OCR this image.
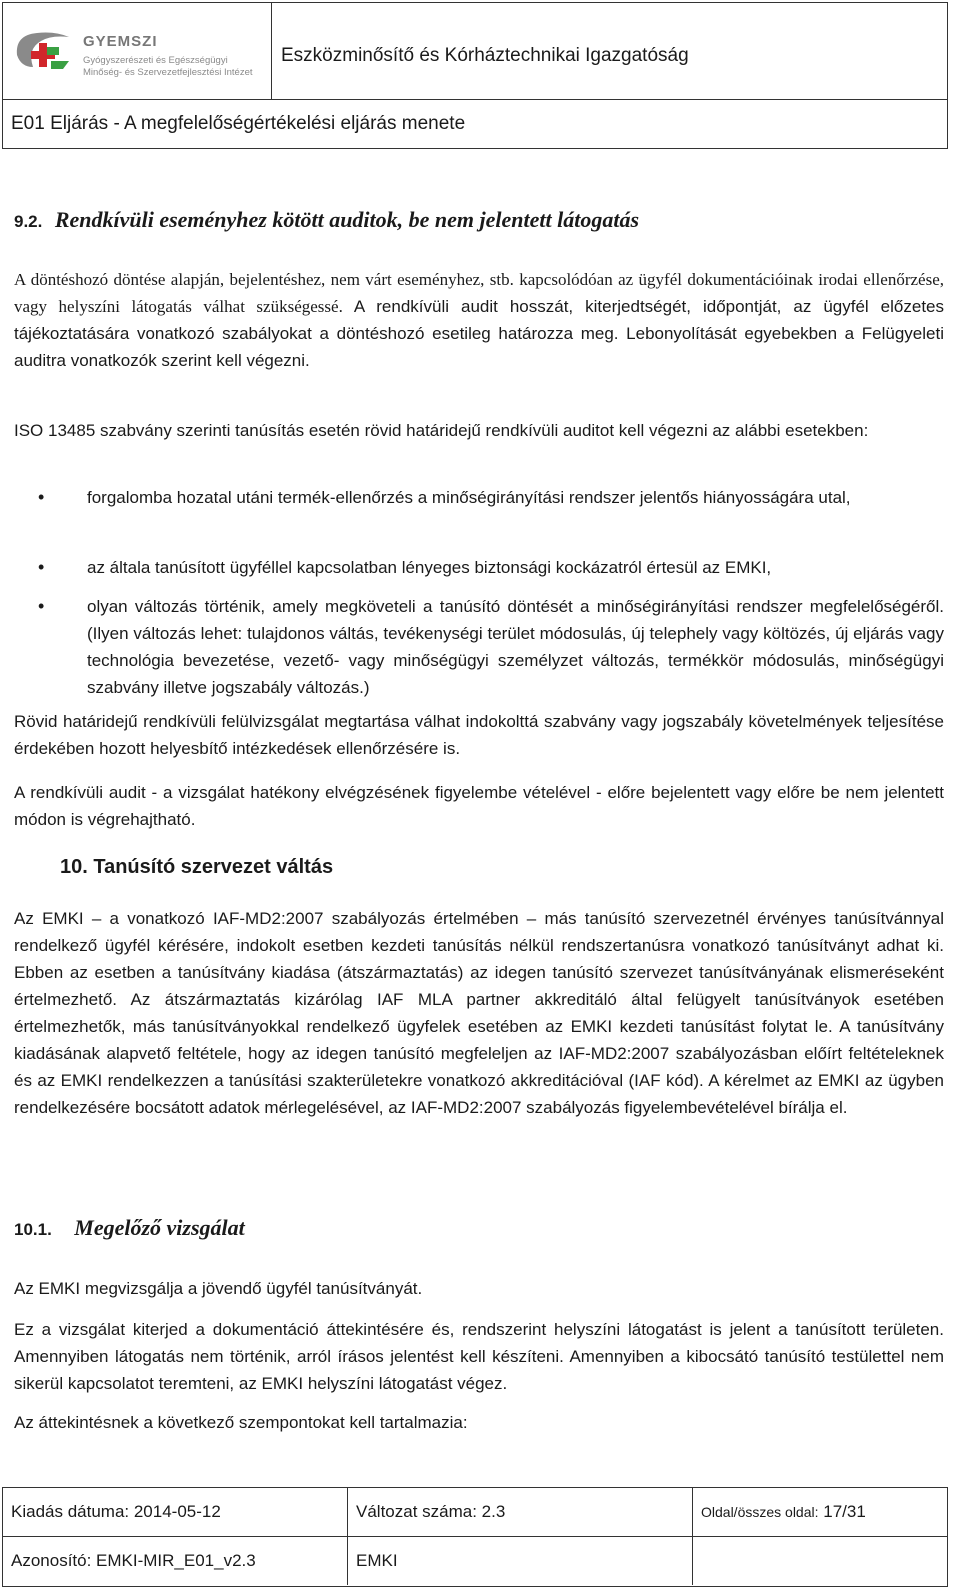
GYEMSZI
Gyógyszerészeti és Egészségügyi
Minőség- és Szervezetfejlesztési Intézet
Eszközminősítő és Kórháztechnikai Igazgatóság
E01 Eljárás - A megfelelőségértékelési eljárás menete
9.2. Rendkívüli eseményhez kötött auditok, be nem jelentett látogatás

A döntéshozó döntése alapján, bejelentéshez, nem várt eseményhez, stb. kapcsolódóan az ügyfél dokumentációinak irodai ellenőrzése, vagy helyszíni látogatás válhat szükségessé. A rendkívüli audit hosszát, kiterjedtségét, időpontját, az ügyfél előzetes tájékoztatására vonatkozó szabályokat a döntéshozó esetileg határozza meg. Lebonyolítását egyebekben a Felügyeleti auditra vonatkozók szerint kell végezni.

ISO 13485 szabvány szerinti tanúsítás esetén rövid határidejű rendkívüli auditot kell végezni az alábbi esetekben:

• forgalomba hozatal utáni termék-ellenőrzés a minőségirányítási rendszer jelentős hiányosságára utal,

• az általa tanúsított ügyféllel kapcsolatban lényeges biztonsági kockázatról értesül az EMKI,

• olyan változás történik, amely megköveteli a tanúsító döntését a minőségirányítási rendszer megfelelőségéről. (Ilyen változás lehet: tulajdonos váltás, tevékenységi terület módosulás, új telephely vagy költözés, új eljárás vagy technológia bevezetése, vezető- vagy minőségügyi személyzet változás, termékkör módosulás, minőségügyi szabvány illetve jogszabály változás.)

Rövid határidejű rendkívüli felülvizsgálat megtartása válhat indokolttá szabvány vagy jogszabály követelmények teljesítése érdekében hozott helyesbítő intézkedések ellenőrzésére is.

A rendkívüli audit - a vizsgálat hatékony elvégzésének figyelembe vételével - előre bejelentett vagy előre be nem jelentett módon is végrehajtható.

10. Tanúsító szervezet váltás

Az EMKI – a vonatkozó IAF-MD2:2007 szabályozás értelmében – más tanúsító szervezetnél érvényes tanúsítvánnyal rendelkező ügyfél kérésére, indokolt esetben kezdeti tanúsítás nélkül rendszertanúsra vonatkozó tanúsítványt adhat ki. Ebben az esetben a tanúsítvány kiadása (átszármaztatás) az idegen tanúsító szervezet tanúsítványának elismeréseként értelmezhető. Az átszármaztatás kizárólag IAF MLA partner akkreditáló által felügyelt tanúsítványok esetében értelmezhetők, más tanúsítványokkal rendelkező ügyfelek esetében az EMKI kezdeti tanúsítást folytat le. A tanúsítvány kiadásának alapvető feltétele, hogy az idegen tanúsító megfeleljen az IAF-MD2:2007 szabályozásban előírt feltételeknek és az EMKI rendelkezzen a tanúsítási szakterületekre vonatkozó akkreditációval (IAF kód). A kérelmet az EMKI az ügyben rendelkezésére bocsátott adatok mérlegelésével, az IAF-MD2:2007 szabályozás figyelembevételével bírálja el.

10.1. Megelőző vizsgálat

Az EMKI megvizsgálja a jövendő ügyfél tanúsítványát.

Ez a vizsgálat kiterjed a dokumentáció áttekintésére és, rendszerint helyszíni látogatást is jelent a tanúsított területen. Amennyiben látogatás nem történik, arról írásos jelentést kell készíteni. Amennyiben a kibocsátó tanúsító testülettel nem sikerül kapcsolatot teremteni, az EMKI helyszíni látogatást végez.

Az áttekintésnek a következő szempontokat kell tartalmazia:

Kiadás dátuma: 2014-05-12	Változat száma: 2.3	Oldal/összes oldal: 17/31
Azonosító: EMKI-MIR_E01_v2.3	EMKI
